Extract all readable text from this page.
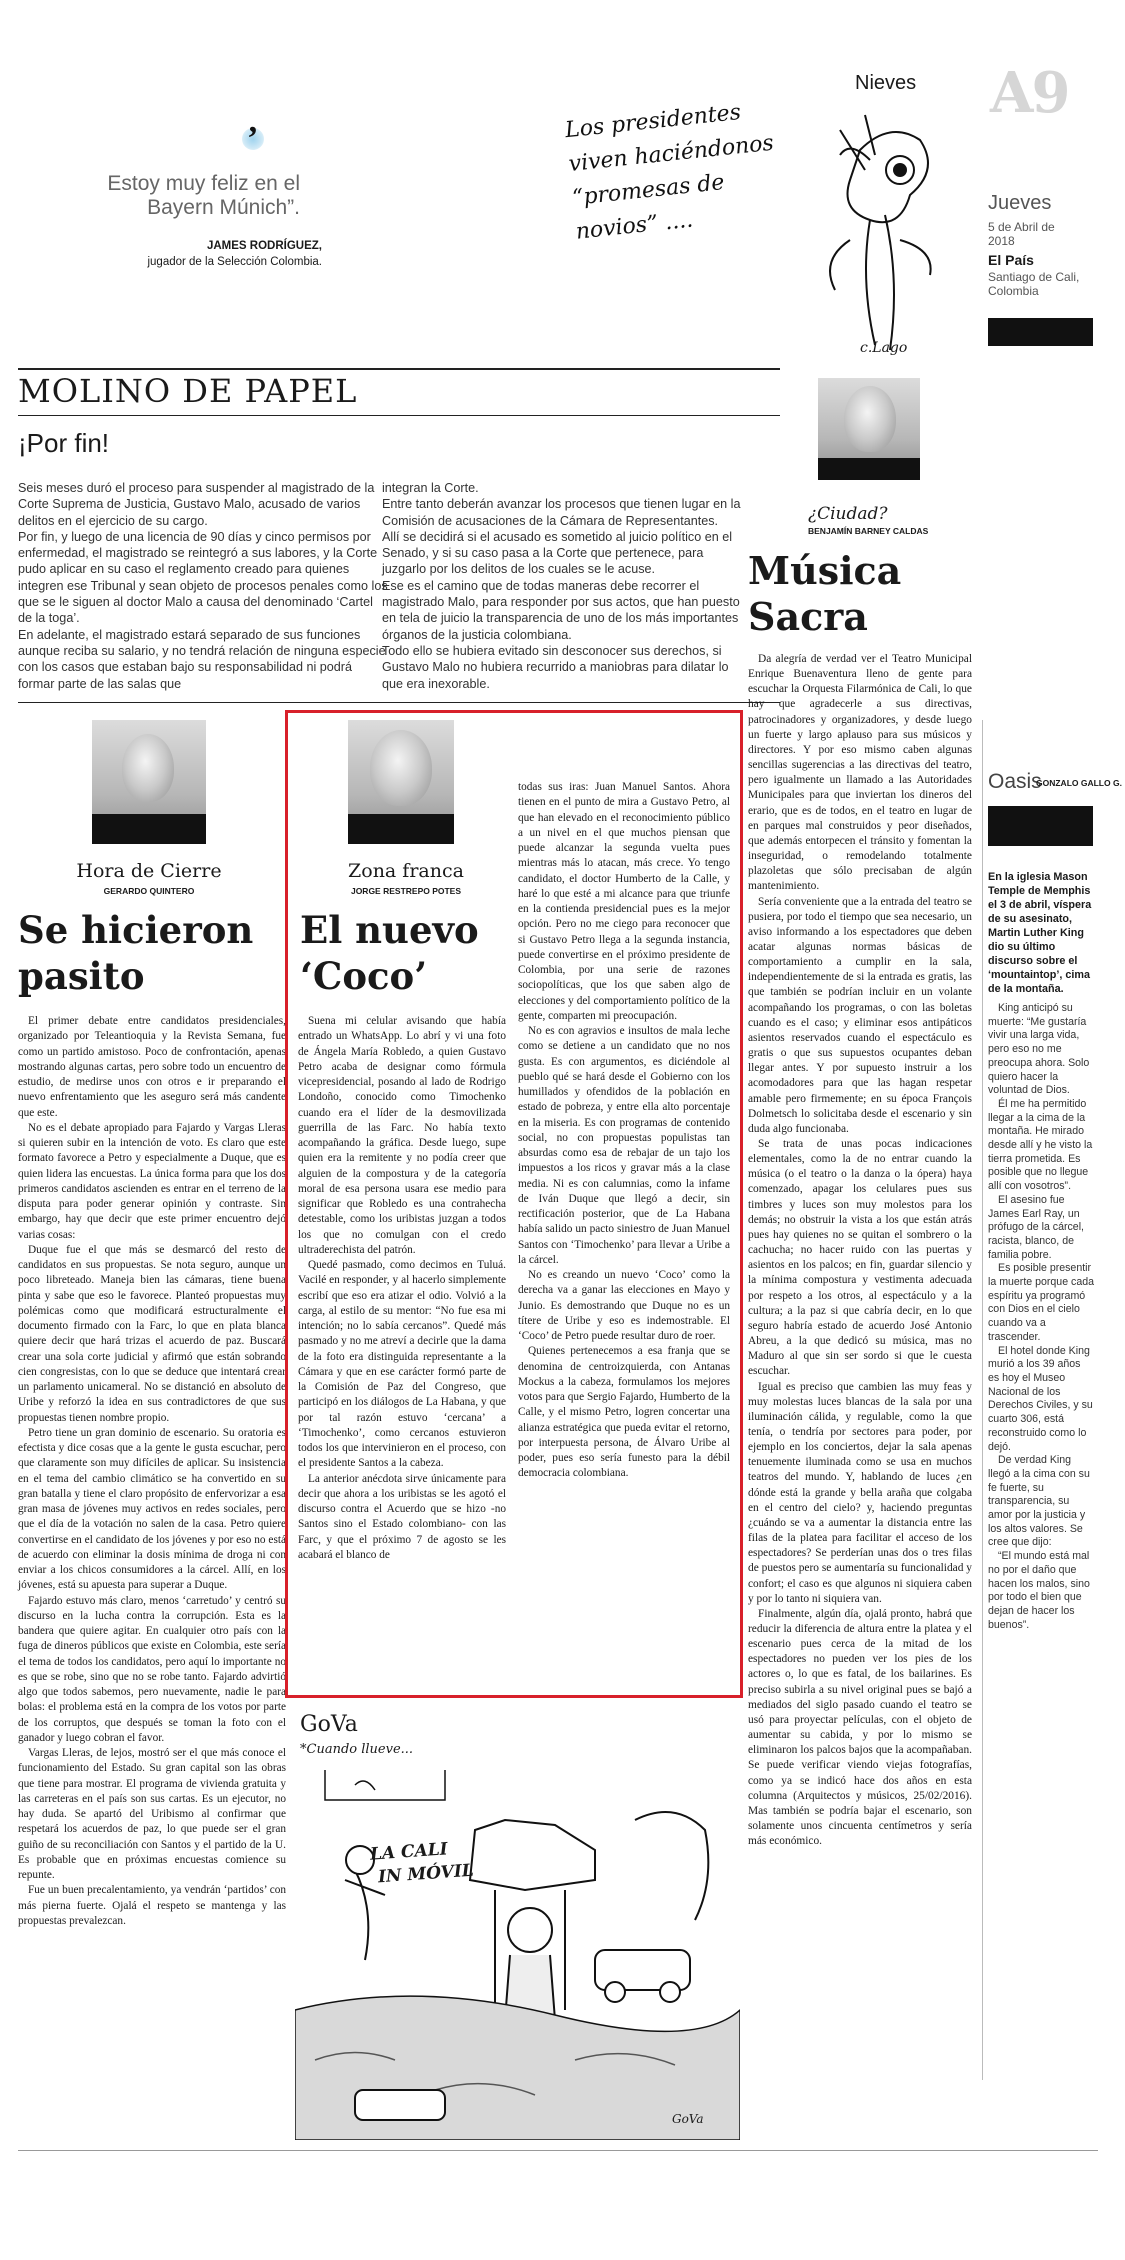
’
Estoy muy feliz en el Bayern Múnich”.
JAMES RODRÍGUEZ,
jugador de la Selección Colombia.
Los presidentes viven haciéndonos “promesas de novios” ....
Nieves
c.Lago
A9
Jueves
5 de Abril de 2018
El País
Santiago de Cali, Colombia
MOLINO DE PAPEL
¡Por fin!

Seis meses duró el proceso para suspender al magistrado de la Corte Suprema de Justicia, Gustavo Malo, acusado de varios delitos en el ejercicio de su cargo.

Por fin, y luego de una licencia de 90 días y cinco permisos por enfermedad, el magistrado se reintegró a sus labores, y la Corte pudo aplicar en su caso el reglamento creado para quienes integren ese Tribunal y sean objeto de procesos penales como los que se le siguen al doctor Malo a causa del denominado ‘Cartel de la toga’.

En adelante, el magistrado estará separado de sus funciones aunque reciba su salario, y no tendrá relación de ninguna especie con los casos que estaban bajo su responsabilidad ni podrá formar parte de las salas que

integran la Corte.

Entre tanto deberán avanzar los procesos que tienen lugar en la Comisión de acusaciones de la Cámara de Representantes.

Allí se decidirá si el acusado es sometido al juicio político en el Senado, y si su caso pasa a la Corte que pertenece, para juzgarlo por los delitos de los cuales se le acuse.

Ese es el camino que de todas maneras debe recorrer el magistrado Malo, para responder por sus actos, que han puesto en tela de juicio la transparencia de uno de los más importantes órganos de la justicia colombiana.

Todo ello se hubiera evitado sin desconocer sus derechos, si Gustavo Malo no hubiera recurrido a maniobras para dilatar lo que era inexorable.

¿Ciudad?
BENJAMÍN BARNEY CALDAS
Música
Sacra

Da alegría de verdad ver el Teatro Municipal Enrique Buenaventura lleno de gente para escuchar la Orquesta Filarmónica de Cali, lo que hay que agradecerle a sus directivas, patrocinadores y organizadores, y desde luego un fuerte y largo aplauso para sus músicos y directores. Y por eso mismo caben algunas sencillas sugerencias a las directivas del teatro, pero igualmente un llamado a las Autoridades Municipales para que inviertan los dineros del erario, que es de todos, en el teatro en lugar de en parques mal construidos y peor diseñados, que además entorpecen el tránsito y fomentan la inseguridad, o remodelando totalmente plazoletas que sólo precisaban de algún mantenimiento.

Sería conveniente que a la entrada del teatro se pusiera, por todo el tiempo que sea necesario, un aviso informando a los espectadores que deben acatar algunas normas básicas de comportamiento a cumplir en la sala, independientemente de si la entrada es gratis, las que también se podrían incluir en un volante acompañando los programas, o con las boletas cuando es el caso; y eliminar esos antipáticos asientos reservados cuando el espectáculo es gratis o que sus supuestos ocupantes deban llegar antes. Y por supuesto instruir a los acomodadores para que las hagan respetar amable pero firmemente; en su época François Dolmetsch lo solicitaba desde el escenario y sin duda algo funcionaba.

Se trata de unas pocas indicaciones elementales, como la de no entrar cuando la música (o el teatro o la danza o la ópera) haya comenzado, apagar los celulares pues sus timbres y luces son muy molestos para los demás; no obstruir la vista a los que están atrás pues hay quienes no se quitan el sombrero o la cachucha; no hacer ruido con las puertas y asientos en los palcos; en fin, guardar silencio y la mínima compostura y vestimenta adecuada por respeto a los otros, al espectáculo y a la cultura; a la paz si que cabría decir, en lo que seguro habría estado de acuerdo José Antonio Abreu, a la que dedicó su música, mas no Maduro al que sin ser sordo si que le cuesta escuchar.

Igual es preciso que cambien las muy feas y muy molestas luces blancas de la sala por una iluminación cálida, y regulable, como la que tenía, o tendría por sectores para poder, por ejemplo en los conciertos, dejar la sala apenas tenuemente iluminada como se usa en muchos teatros del mundo. Y, hablando de luces ¿en dónde está la grande y bella araña que colgaba en el centro del cielo? y, haciendo preguntas ¿cuándo se va a aumentar la distancia entre las filas de la platea para facilitar el acceso de los espectadores? Se perderían unas dos o tres filas de puestos pero se aumentaría su funcionalidad y confort; el caso es que algunos ni siquiera caben y por lo tanto ni siquiera van.

Finalmente, algún día, ojalá pronto, habrá que reducir la diferencia de altura entre la platea y el escenario pues cerca de la mitad de los espectadores no pueden ver los pies de los actores o, lo que es fatal, de los bailarines. Es preciso subirla a su nivel original pues se bajó a mediados del siglo pasado cuando el teatro se usó para proyectar películas, con el objeto de aumentar su cabida, y por lo mismo se eliminaron los palcos bajos que la acompañaban. Se puede verificar viendo viejas fotografías, como ya se indicó hace dos años en esta columna (Arquitectos y músicos, 25/02/2016). Mas también se podría bajar el escenario, son solamente unos cincuenta centímetros y sería más económico.

Oasis
GONZALO GALLO G.
En la iglesia Mason Temple de Memphis el 3 de abril, víspera de su asesinato, Martin Luther King dio su último discurso sobre el ‘mountaintop’, cima de la montaña.

King anticipó su muerte: “Me gustaría vivir una larga vida, pero eso no me preocupa ahora. Solo quiero hacer la voluntad de Dios.

Él me ha permitido llegar a la cima de la montaña. He mirado desde allí y he visto la tierra prometida. Es posible que no llegue allí con vosotros”.

El asesino fue James Earl Ray, un prófugo de la cárcel, racista, blanco, de familia pobre.

Es posible presentir la muerte porque cada espíritu ya programó con Dios en el cielo cuando va a trascender.

El hotel donde King murió a los 39 años es hoy el Museo Nacional de los Derechos Civiles, y su cuarto 306, está reconstruido como lo dejó.

De verdad King llegó a la cima con su fe fuerte, su transparencia, su amor por la justicia y los altos valores. Se cree que dijo:

“El mundo está mal no por el daño que hacen los malos, sino por todo el bien que dejan de hacer los buenos”.

Hora de Cierre
GERARDO QUINTERO
Se hicieron
pasito

El primer debate entre candidatos presidenciales, organizado por Teleantioquia y la Revista Semana, fue como un partido amistoso. Poco de confrontación, apenas mostrando algunas cartas, pero sobre todo un encuentro de estudio, de medirse unos con otros e ir preparando el nuevo enfrentamiento que les aseguro será más candente que este.

No es el debate apropiado para Fajardo y Vargas Lleras si quieren subir en la intención de voto. Es claro que este formato favorece a Petro y especialmente a Duque, que es quien lidera las encuestas. La única forma para que los dos primeros candidatos ascienden es entrar en el terreno de la disputa para poder generar opinión y contraste. Sin embargo, hay que decir que este primer encuentro dejó varias cosas:

Duque fue el que más se desmarcó del resto de candidatos en sus propuestas. Se nota seguro, aunque un poco libreteado. Maneja bien las cámaras, tiene buena pinta y sabe que eso le favorece. Planteó propuestas muy polémicas como que modificará estructuralmente el documento firmado con la Farc, lo que en plata blanca quiere decir que hará trizas el acuerdo de paz. Buscará crear una sola corte judicial y afirmó que están sobrando cien congresistas, con lo que se deduce que intentará crear un parlamento unicameral. No se distanció en absoluto de Uribe y reforzó la idea en sus contradictores de que sus propuestas tienen nombre propio.

Petro tiene un gran dominio de escenario. Su oratoria es efectista y dice cosas que a la gente le gusta escuchar, pero que claramente son muy difíciles de aplicar. Su insistencia en el tema del cambio climático se ha convertido en su gran batalla y tiene el claro propósito de enfervorizar a esa gran masa de jóvenes muy activos en redes sociales, pero que el día de la votación no salen de la casa. Petro quiere convertirse en el candidato de los jóvenes y por eso no está de acuerdo con eliminar la dosis mínima de droga ni con enviar a los chicos consumidores a la cárcel. Allí, en los jóvenes, está su apuesta para superar a Duque.

Fajardo estuvo más claro, menos ‘carretudo’ y centró su discurso en la lucha contra la corrupción. Esta es la bandera que quiere agitar. En cualquier otro país con la fuga de dineros públicos que existe en Colombia, este sería el tema de todos los candidatos, pero aquí lo importante no es que se robe, sino que no se robe tanto. Fajardo advirtió algo que todos sabemos, pero nuevamente, nadie le para bolas: el problema está en la compra de los votos por parte de los corruptos, que después se toman la foto con el ganador y luego cobran el favor.

Vargas Lleras, de lejos, mostró ser el que más conoce el funcionamiento del Estado. Su gran capital son las obras que tiene para mostrar. El programa de vivienda gratuita y las carreteras en el país son sus cartas. Es un ejecutor, no hay duda. Se apartó del Uribismo al confirmar que respetará los acuerdos de paz, lo que puede ser el gran guiño de su reconciliación con Santos y el partido de la U. Es probable que en próximas encuestas comience su repunte.

Fue un buen precalentamiento, ya vendrán ‘partidos’ con más pierna fuerte. Ojalá el respeto se mantenga y las propuestas prevalezcan.

Zona franca
JORGE RESTREPO POTES
El nuevo
‘Coco’

Suena mi celular avisando que había entrado un WhatsApp. Lo abrí y vi una foto de Ángela María Robledo, a quien Gustavo Petro acaba de designar como fórmula vicepresidencial, posando al lado de Rodrigo Londoño, conocido como Timochenko cuando era el líder de la desmovilizada guerrilla de las Farc. No había texto acompañando la gráfica. Desde luego, supe quien era la remitente y no podía creer que alguien de la compostura y de la categoría moral de esa persona usara ese medio para significar que Robledo es una contrahecha detestable, como los uribistas juzgan a todos los que no comulgan con el credo ultraderechista del patrón.

Quedé pasmado, como decimos en Tuluá. Vacilé en responder, y al hacerlo simplemente escribí que eso era atizar el odio. Volvió a la carga, al estilo de su mentor: “No fue esa mi intención; no lo sabía cercanos”. Quedé más pasmado y no me atreví a decirle que la dama de la foto era distinguida representante a la Cámara y que en ese carácter formó parte de la Comisión de Paz del Congreso, que participó en los diálogos de La Habana, y que por tal razón estuvo ‘cercana’ a ‘Timochenko’, como cercanos estuvieron todos los que intervinieron en el proceso, con el presidente Santos a la cabeza.

La anterior anécdota sirve únicamente para decir que ahora a los uribistas se les agotó el discurso contra el Acuerdo que se hizo -no Santos sino el Estado colombiano- con las Farc, y que el próximo 7 de agosto se les acabará el blanco de

todas sus iras: Juan Manuel Santos. Ahora tienen en el punto de mira a Gustavo Petro, al que han elevado en el reconocimiento público a un nivel en el que muchos piensan que puede alcanzar la segunda vuelta pues mientras más lo atacan, más crece. Yo tengo candidato, el doctor Humberto de la Calle, y haré lo que esté a mi alcance para que triunfe en la contienda presidencial pues es la mejor opción. Pero no me ciego para reconocer que si Gustavo Petro llega a la segunda instancia, puede convertirse en el próximo presidente de Colombia, por una serie de razones sociopolíticas, que los que saben algo de elecciones y del comportamiento político de la gente, comparten mi preocupación.

No es con agravios e insultos de mala leche como se detiene a un candidato que no nos gusta. Es con argumentos, es diciéndole al pueblo qué se hará desde el Gobierno con los humillados y ofendidos de la población en estado de pobreza, y entre ella alto porcentaje en la miseria. Es con programas de contenido social, no con propuestas populistas tan absurdas como esa de rebajar de un tajo los impuestos a los ricos y gravar más a la clase media. Ni es con calumnias, como la infame de Iván Duque que llegó a decir, sin rectificación posterior, que de La Habana había salido un pacto siniestro de Juan Manuel Santos con ‘Timochenko’ para llevar a Uribe a la cárcel.

No es creando un nuevo ‘Coco’ como la derecha va a ganar las elecciones en Mayo y Junio. Es demostrando que Duque no es un títere de Uribe y eso es indemostrable. El ‘Coco’ de Petro puede resultar duro de roer.

Quienes pertenecemos a esa franja que se denomina de centroizquierda, con Antanas Mockus a la cabeza, formulamos los mejores votos para que Sergio Fajardo, Humberto de la Calle, y el mismo Petro, logren concertar una alianza estratégica que pueda evitar el retorno, por interpuesta persona, de Álvaro Uribe al poder, pues eso sería funesto para la débil democracia colombiana.

GoVa
*Cuando llueve...
LA CALI
IN MÓVIL
GoVa
